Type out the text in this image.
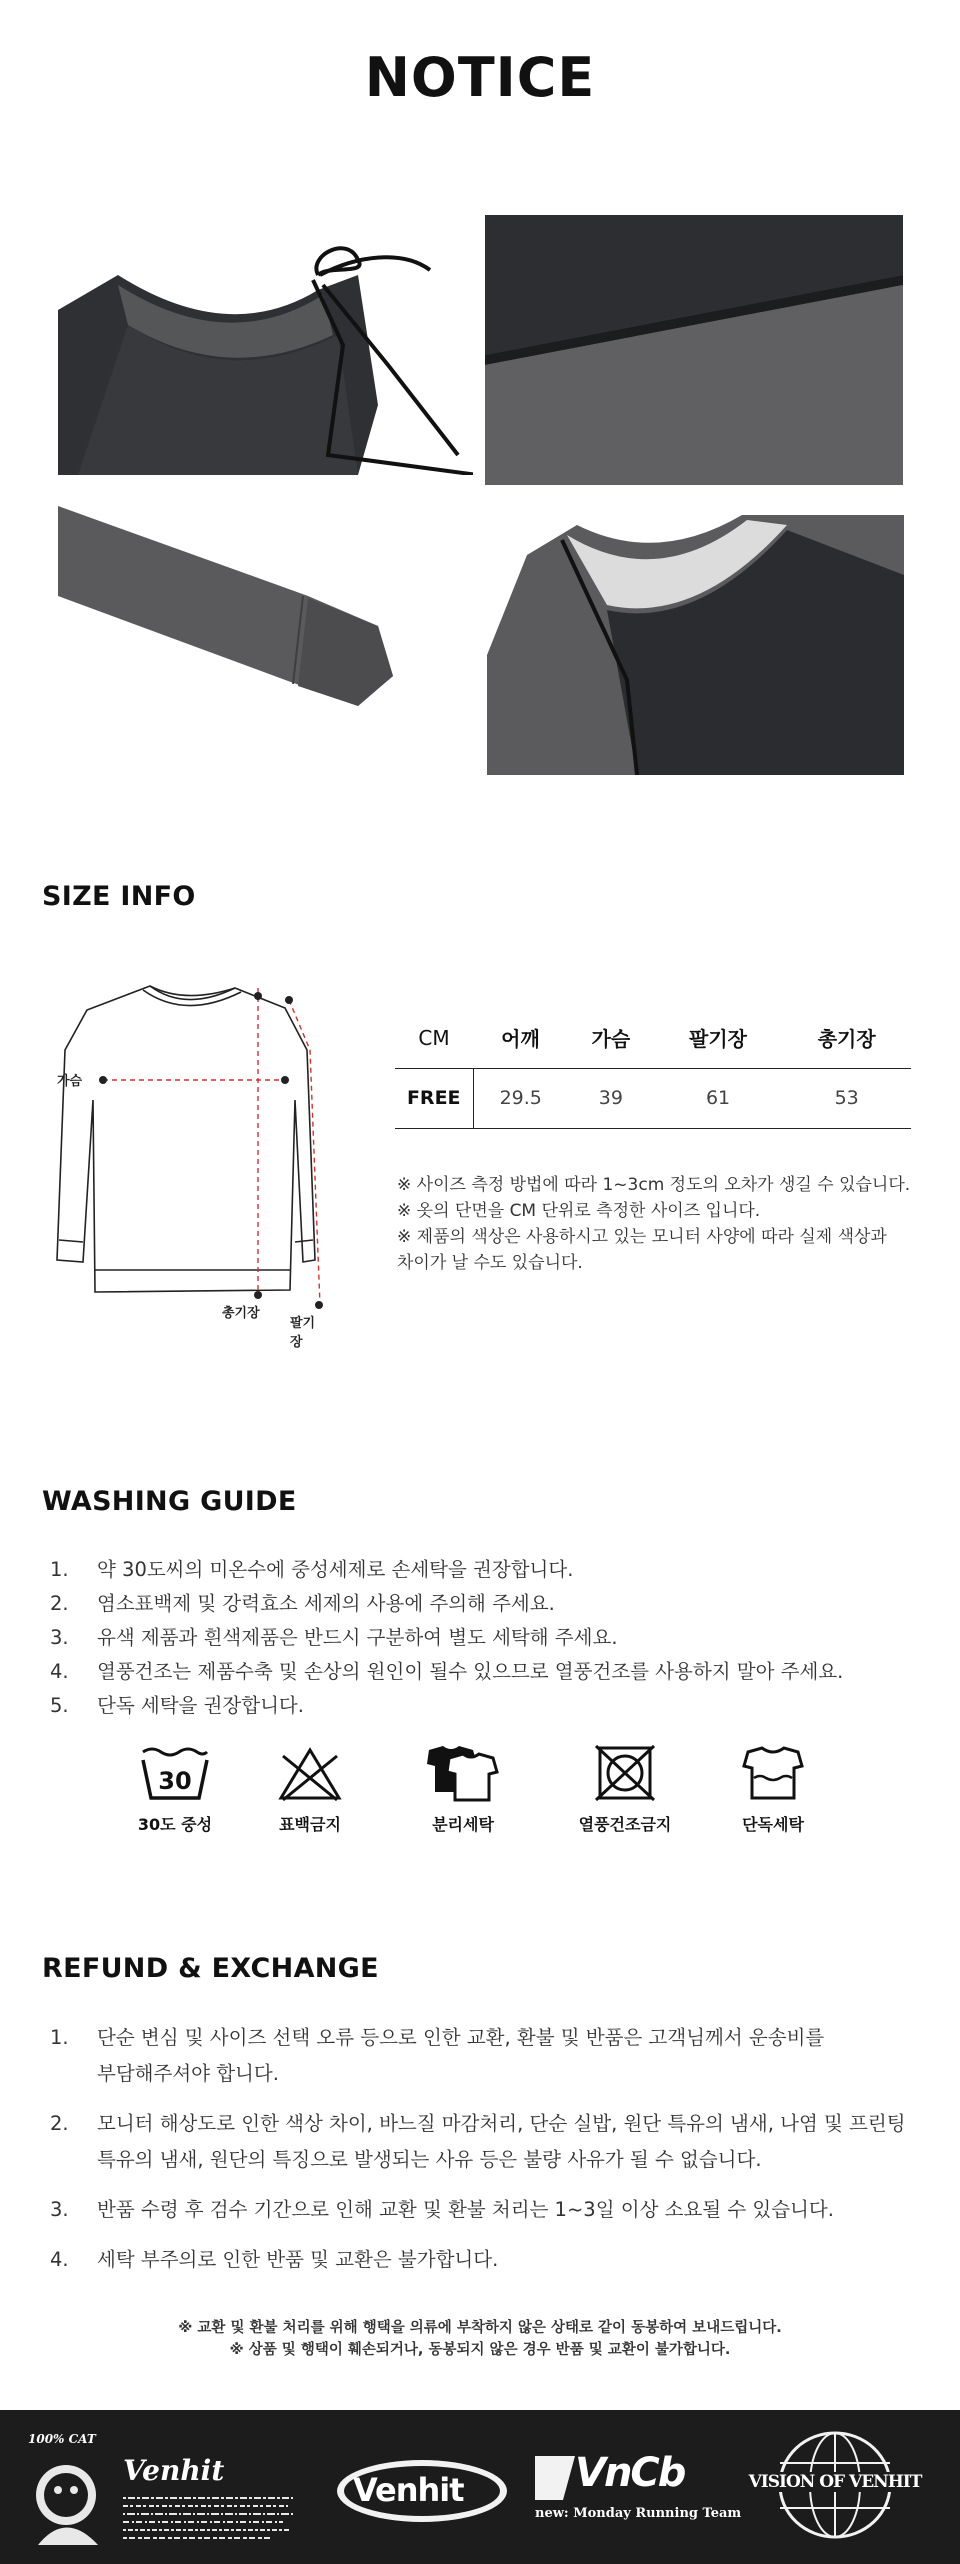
NOTICE
SIZE INFO
가슴
총기장
팔기장
CM	어깨	가슴	팔기장	총기장
FREE	29.5	39	61	53
※ 사이즈 측정 방법에 따라 1~3cm 정도의 오차가 생길 수 있습니다.
※ 옷의 단면을 CM 단위로 측정한 사이즈 입니다.
※ 제품의 색상은 사용하시고 있는 모니터 사양에 따라 실제 색상과
차이가 날 수도 있습니다.
WASHING GUIDE
1.	약 30도씨의 미온수에 중성세제로 손세탁을 권장합니다.
2.	염소표백제 및 강력효소 세제의 사용에 주의해 주세요.
3.	유색 제품과 흰색제품은 반드시 구분하여 별도 세탁해 주세요.
4.	열풍건조는 제품수축 및 손상의 원인이 될수 있으므로 열풍건조를 사용하지 말아 주세요.
5.	단독 세탁을 권장합니다.
30
30도 중성	표백금지	분리세탁	열풍건조금지	단독세탁
REFUND & EXCHANGE
1.	단순 변심 및 사이즈 선택 오류 등으로 인한 교환, 환불 및 반품은 고객님께서 운송비를
부담해주셔야 합니다.
2.	모니터 해상도로 인한 색상 차이, 바느질 마감처리, 단순 실밥, 원단 특유의 냄새, 나염 및 프린팅
특유의 냄새, 원단의 특징으로 발생되는 사유 등은 불량 사유가 될 수 없습니다.
3.	반품 수령 후 검수 기간으로 인해 교환 및 환불 처리는 1~3일 이상 소요될 수 있습니다.
4.	세탁 부주의로 인한 반품 및 교환은 불가합니다.
※ 교환 및 환불 처리를 위해 행택을 의류에 부착하지 않은 상태로 같이 동봉하여 보내드립니다.
※ 상품 및 행택이 훼손되거나, 동봉되지 않은 경우 반품 및 교환이 불가합니다.
100% CAT
Venhit
Venhit	VnCb
new: Monday Running Team
VISION OF VENHIT
